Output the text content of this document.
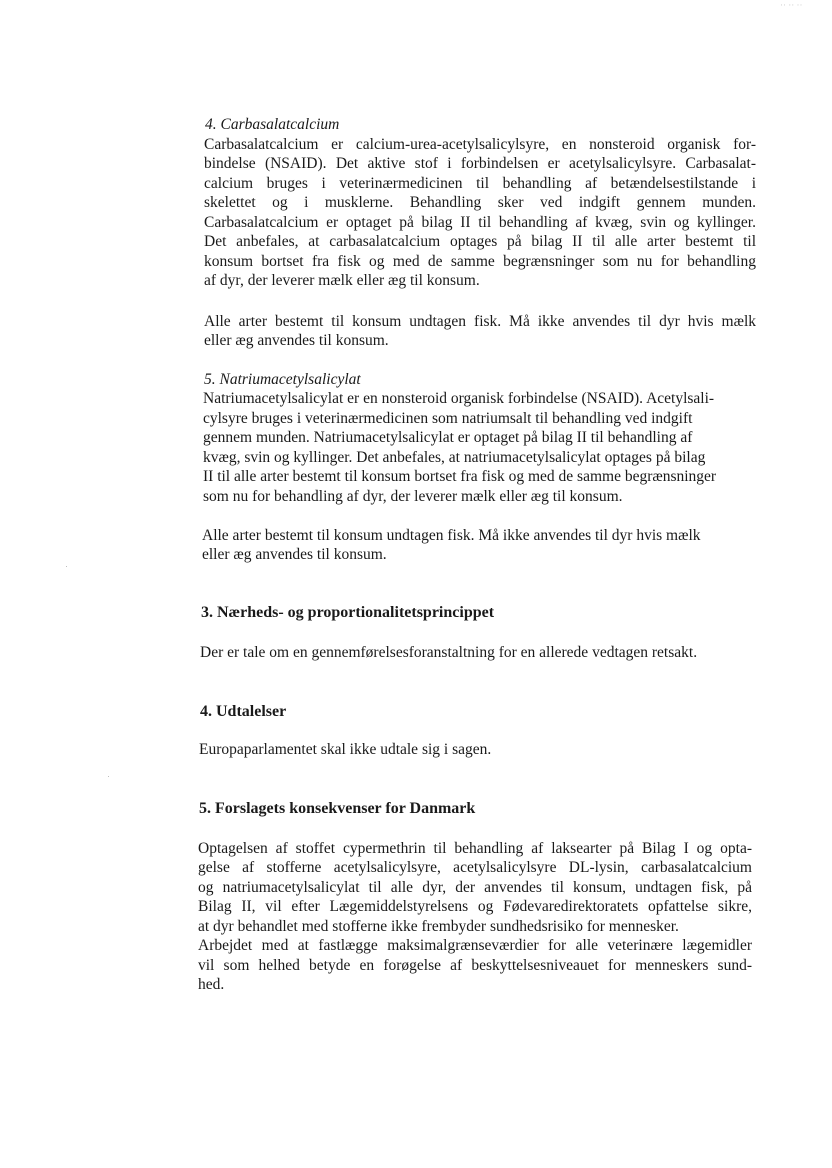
·· ·· ··
4. Carbasalatcalcium
Carbasalatcalcium er calcium-urea-acetylsalicylsyre, en nonsteroid organisk for-
bindelse (NSAID). Det aktive stof i forbindelsen er acetylsalicylsyre. Carbasalat-
calcium bruges i veterinærmedicinen til behandling af betændelsestilstande i
skelettet og i musklerne. Behandling sker ved indgift gennem munden.
Carbasalatcalcium er optaget på bilag II til behandling af kvæg, svin og kyllinger.
Det anbefales, at carbasalatcalcium optages på bilag II til alle arter bestemt til
konsum bortset fra fisk og med de samme begrænsninger som nu for behandling
af dyr, der leverer mælk eller æg til konsum.
Alle arter bestemt til konsum undtagen fisk. Må ikke anvendes til dyr hvis mælk
eller æg anvendes til konsum.
5. Natriumacetylsalicylat
Natriumacetylsalicylat er en nonsteroid organisk forbindelse (NSAID). Acetylsali-
cylsyre bruges i veterinærmedicinen som natriumsalt til behandling ved indgift
gennem munden. Natriumacetylsalicylat er optaget på bilag II til behandling af
kvæg, svin og kyllinger. Det anbefales, at natriumacetylsalicylat optages på bilag
II til alle arter bestemt til konsum bortset fra fisk og med de samme begrænsninger
som nu for behandling af dyr, der leverer mælk eller æg til konsum.
Alle arter bestemt til konsum undtagen fisk. Må ikke anvendes til dyr hvis mælk
eller æg anvendes til konsum.
3. Nærheds- og proportionalitetsprincippet
Der er tale om en gennemførelsesforanstaltning for en allerede vedtagen retsakt.
4. Udtalelser
Europaparlamentet skal ikke udtale sig i sagen.
5. Forslagets konsekvenser for Danmark
Optagelsen af stoffet cypermethrin til behandling af laksearter på Bilag I og opta-
gelse af stofferne acetylsalicylsyre, acetylsalicylsyre DL-lysin, carbasalatcalcium
og natriumacetylsalicylat til alle dyr, der anvendes til konsum, undtagen fisk, på
Bilag II, vil efter Lægemiddelstyrelsens og Fødevaredirektoratets opfattelse sikre,
at dyr behandlet med stofferne ikke frembyder sundhedsrisiko for mennesker.
Arbejdet med at fastlægge maksimalgrænseværdier for alle veterinære lægemidler
vil som helhed betyde en forøgelse af beskyttelsesniveauet for menneskers sund-
hed.
